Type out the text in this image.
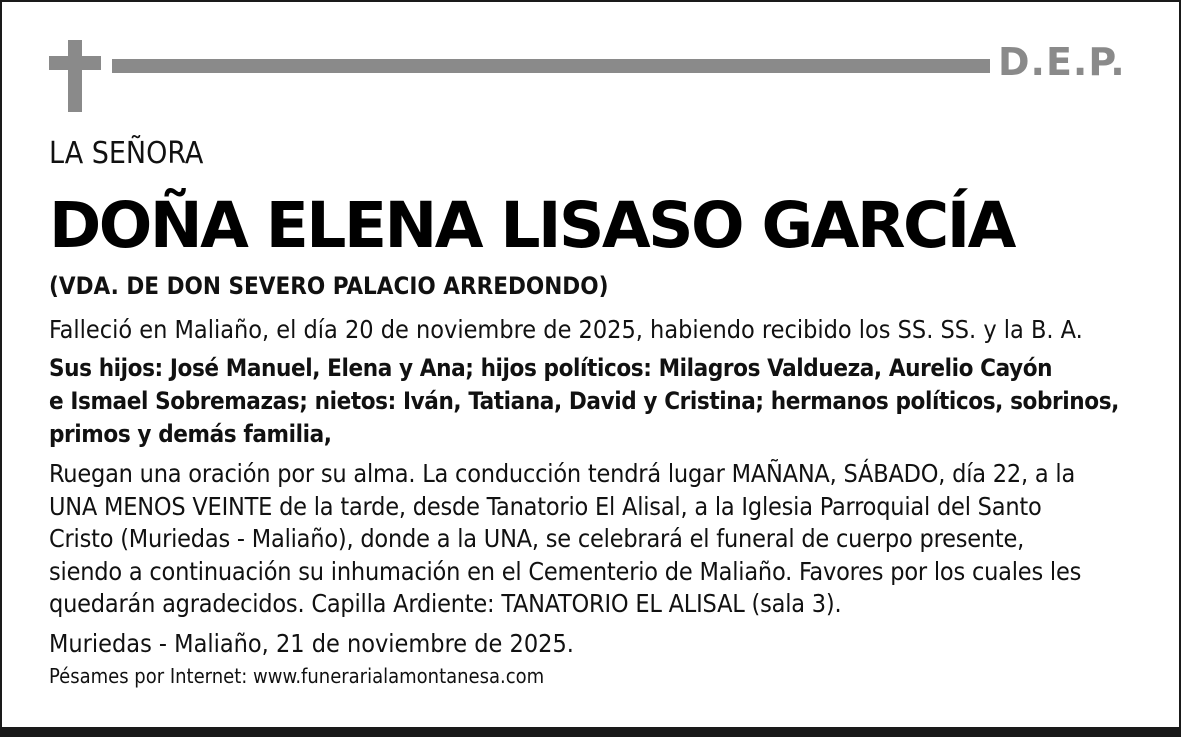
D.E.P.
LA SEÑORA
DOÑA ELENA LISASO GARCÍA
(VDA. DE DON SEVERO PALACIO ARREDONDO)
Falleció en Maliaño, el día 20 de noviembre de 2025, habiendo recibido los SS. SS. y la B. A.
Sus hijos: José Manuel, Elena y Ana; hijos políticos: Milagros Valdueza, Aurelio Cayón
e Ismael Sobremazas; nietos: Iván, Tatiana, David y Cristina; hermanos políticos, sobrinos,
primos y demás familia,
Ruegan una oración por su alma. La conducción tendrá lugar MAÑANA, SÁBADO, día 22, a la
UNA MENOS VEINTE de la tarde, desde Tanatorio El Alisal, a la Iglesia Parroquial del Santo
Cristo (Muriedas - Maliaño), donde a la UNA, se celebrará el funeral de cuerpo presente,
siendo a continuación su inhumación en el Cementerio de Maliaño. Favores por los cuales les
quedarán agradecidos. Capilla Ardiente: TANATORIO EL ALISAL (sala 3).
Muriedas - Maliaño, 21 de noviembre de 2025.
Pésames por Internet: www.funerarialamontanesa.com
